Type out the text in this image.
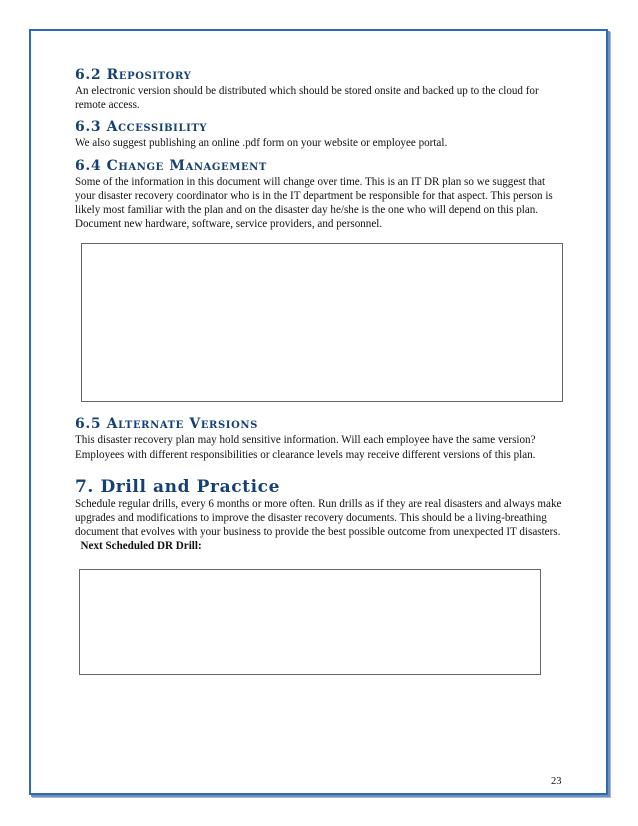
6.2 Repository

An electronic version should be distributed which should be stored onsite and backed up to the cloud for remote access.

6.3 Accessibility

We also suggest publishing an online .pdf form on your website or employee portal.

6.4 Change Management

Some of the information in this document will change over time. This is an IT DR plan so we suggest that your disaster recovery coordinator who is in the IT department be responsible for that aspect. This person is likely most familiar with the plan and on the disaster day he/she is the one who will depend on this plan. Document new hardware, software, service providers, and personnel.

6.5 Alternate Versions

This disaster recovery plan may hold sensitive information. Will each employee have the same version? Employees with different responsibilities or clearance levels may receive different versions of this plan.

7. Drill and Practice

Schedule regular drills, every 6 months or more often. Run drills as if they are real disasters and always make upgrades and modifications to improve the disaster recovery documents. This should be a living-breathing document that evolves with your business to provide the best possible outcome from unexpected IT disasters.   Next Scheduled DR Drill:

23
